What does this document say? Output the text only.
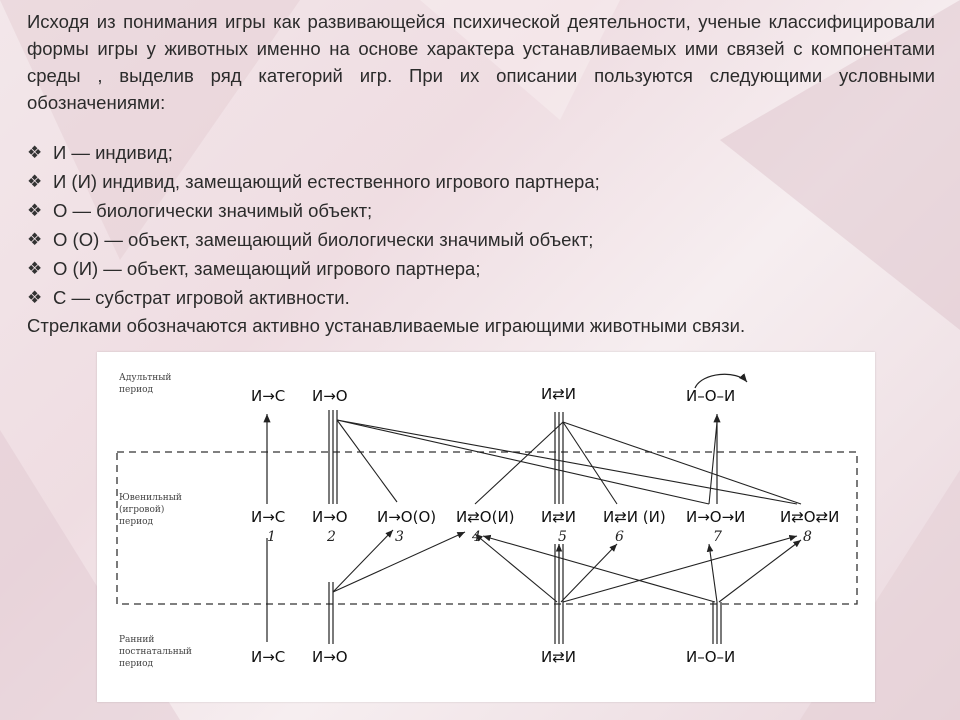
Исходя из понимания игры как развивающейся психической деятельности, ученые классифицировали формы игры у животных именно на основе характера устанавливаемых ими связей с компонентами среды , выделив ряд категорий игр. При их описании пользуются следующими условными обозначениями:
❖ И — индивид;
❖ И (И) индивид, замещающий естественного игрового партнера;
❖ О — биологически значимый объект;
❖ О (О) — объект, замещающий биологически значимый объект;
❖ О (И) — объект, замещающий игрового партнера;
❖ С — субстрат игровой активности.
Стрелками обозначаются активно устанавливаемые играющими животными связи.
Адультный
период
Ювенильный
(игровой)
период
Ранний
постнатальный
период
И→С И→О	И⇄И	И–О–И
И→С И→О И→О(О) И⇄О(И) И⇄И И⇄И (И) И→О→И И⇄О⇄И
1	2	3	4	5	6	7	8
И→С И→О	И⇄И	И–О–И
